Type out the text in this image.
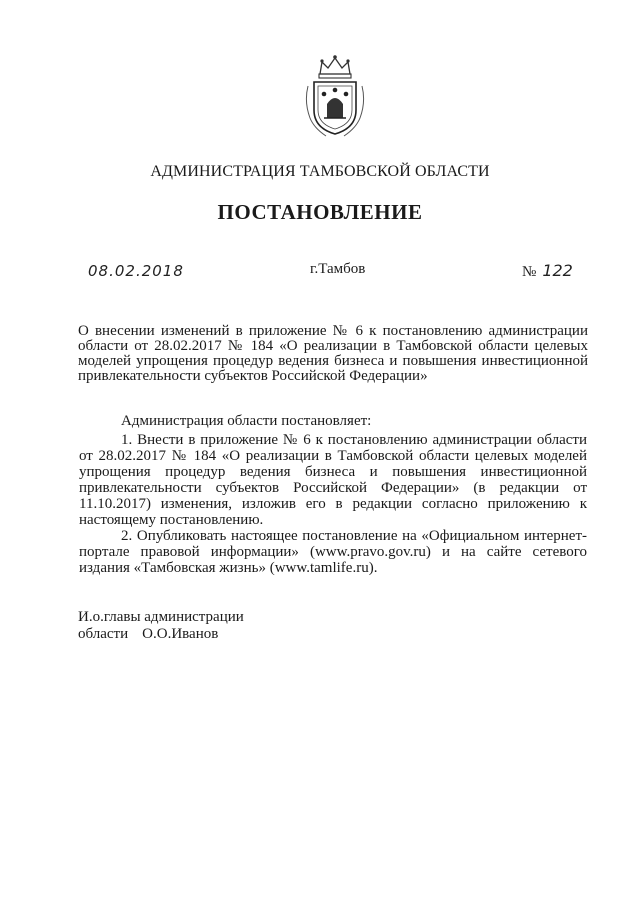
АДМИНИСТРАЦИЯ ТАМБОВСКОЙ ОБЛАСТИ
ПОСТАНОВЛЕНИЕ
08.02.2018	г.Тамбов	№ 122
О внесении изменений в приложение № 6 к постановлению администрации области от 28.02.2017 № 184 «О реализации в Тамбовской области целевых моделей упрощения процедур ведения бизнеса и повышения инвестиционной привлекательности субъектов Российской Федерации»

Администрация области постановляет:

1. Внести в приложение № 6 к постановлению администрации области от 28.02.2017 № 184 «О реализации в Тамбовской области целевых моделей упрощения процедур ведения бизнеса и повышения инвестиционной привлекательности субъектов Российской Федерации» (в редакции от 11.10.2017) изменения, изложив его в редакции согласно приложению к настоящему постановлению.

2. Опубликовать настоящее постановление на «Официальном интернет-портале правовой информации» (www.pravo.gov.ru) и на сайте сетевого издания «Тамбовская жизнь» (www.tamlife.ru).

И.о.главы администрации
области О.О.Иванов
